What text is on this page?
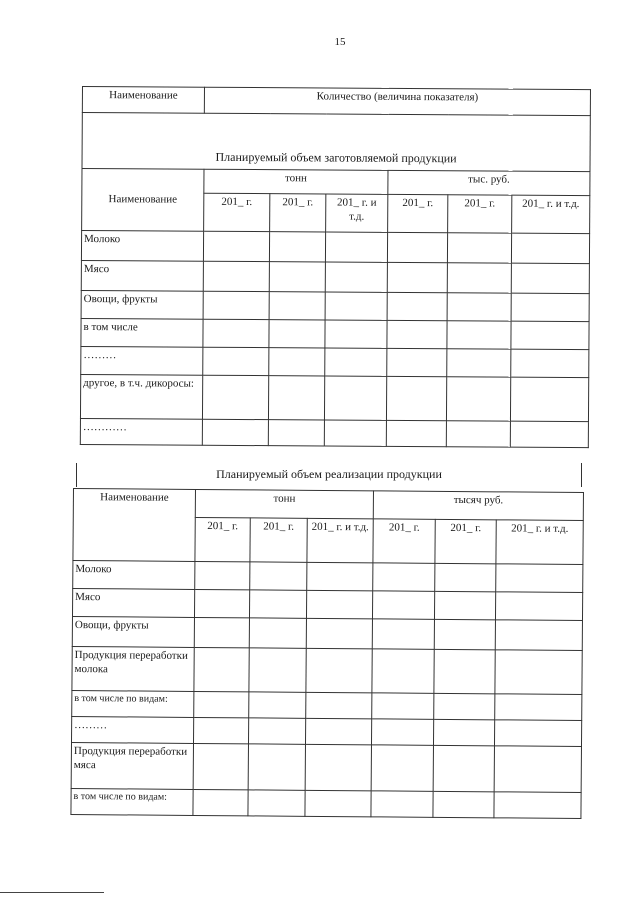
15
Наименование	Количество (величина показателя)					
Планируемый объем заготовляемой продукции						
Наименование	тонн			тыс. руб.		
	201_ г.	201_ г.	201_ г. и т.д.	201_ г.	201_ г.	201_ г. и т.д.
Молоко						
Мясо						
Овощи, фрукты						
в том числе						
………						
другое, в т.ч. дикоросы:						
…………						
Планируемый объем реализации продукции
Наименование	тонн			тысяч руб.		
	201_ г.	201_ г.	201_ г. и т.д.	201_ г.	201_ г.	201_ г. и т.д.
Молоко						
Мясо						
Овощи, фрукты						
Продукция переработки молока						
в том числе по видам:						
………						
Продукция переработки мяса						
в том числе по видам:						
